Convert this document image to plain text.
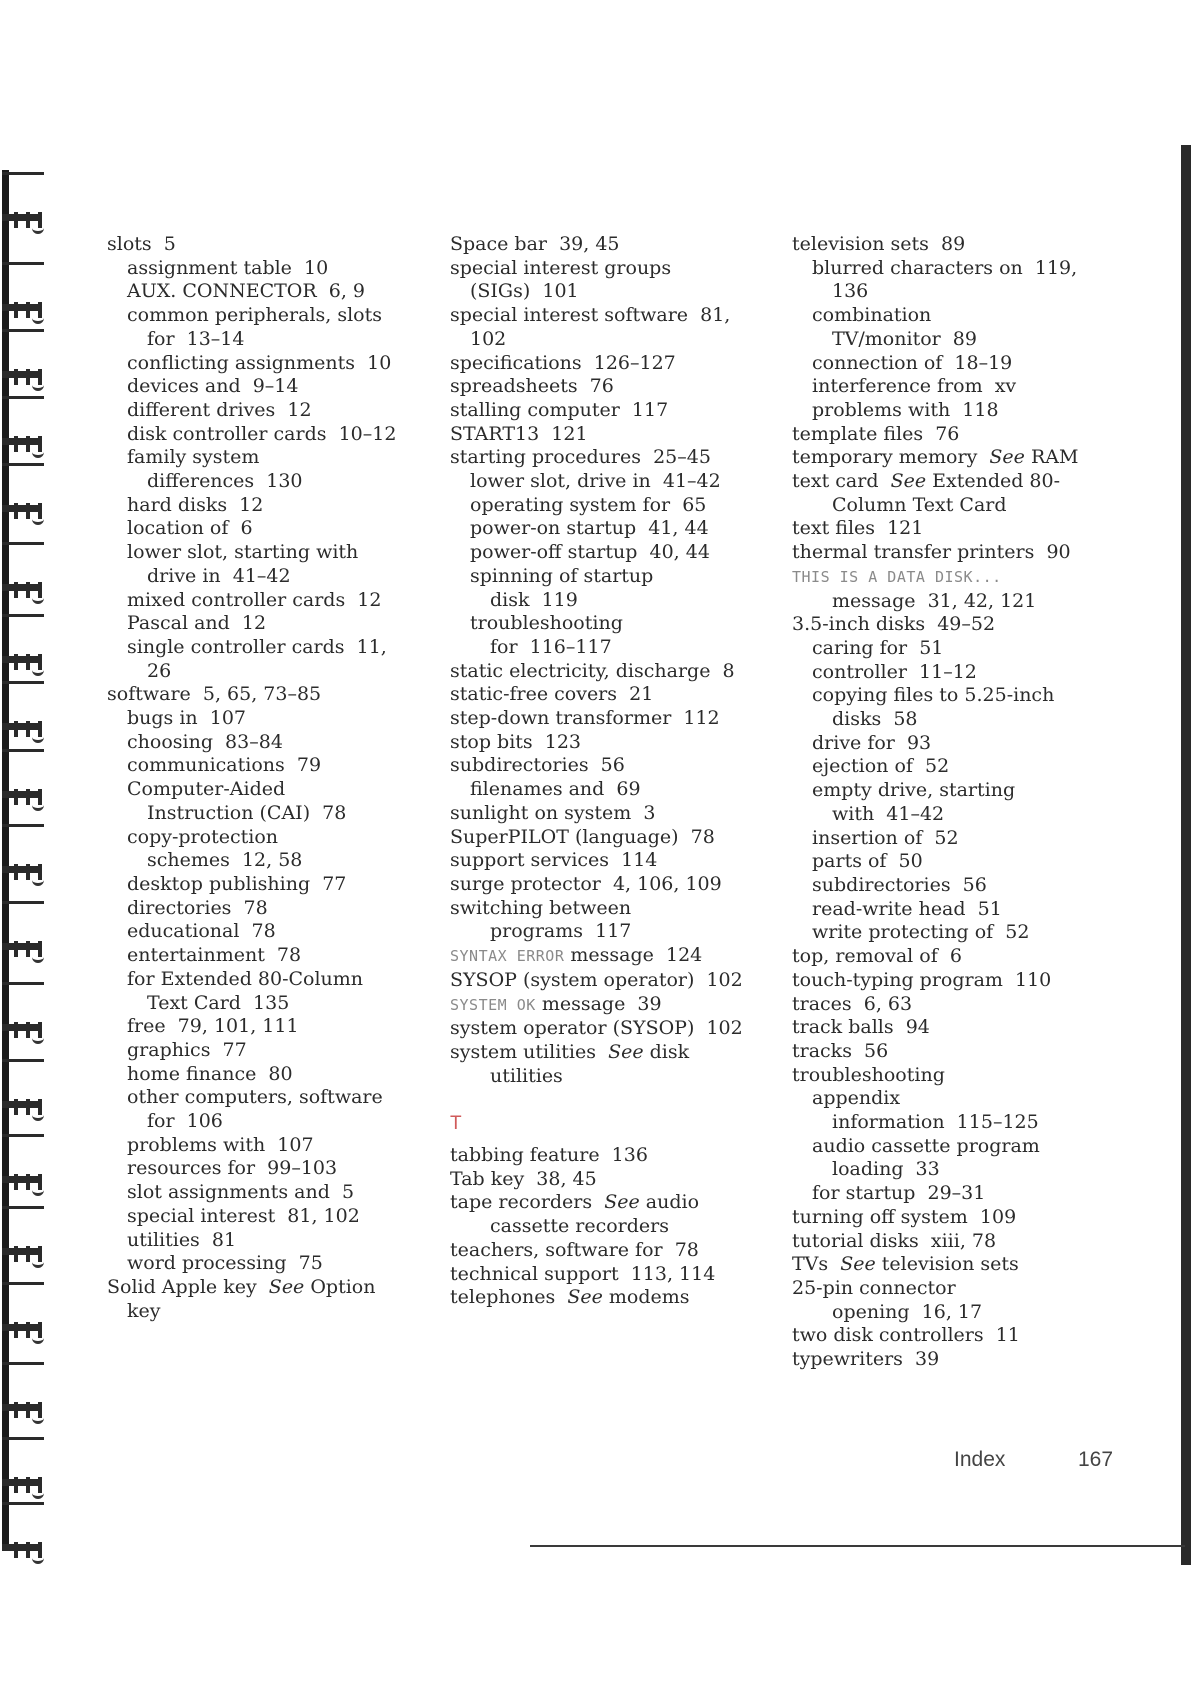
slots  5
assignment table  10
AUX. CONNECTOR  6, 9
common peripherals, slots
for  13–14
conflicting assignments  10
devices and  9–14
different drives  12
disk controller cards  10–12
family system
differences  130
hard disks  12
location of  6
lower slot, starting with
drive in  41–42
mixed controller cards  12
Pascal and  12
single controller cards  11,
26
software  5, 65, 73–85
bugs in  107
choosing  83–84
communications  79
Computer-Aided
Instruction (CAI)  78
copy-protection
schemes  12, 58
desktop publishing  77
directories  78
educational  78
entertainment  78
for Extended 80-Column
Text Card  135
free  79, 101, 111
graphics  77
home finance  80
other computers, software
for  106
problems with  107
resources for  99–103
slot assignments and  5
special interest  81, 102
utilities  81
word processing  75
Solid Apple key  See Option
key
Space bar  39, 45
special interest groups
(SIGs)  101
special interest software  81,
102
specifications  126–127
spreadsheets  76
stalling computer  117
START13  121
starting procedures  25–45
lower slot, drive in  41–42
operating system for  65
power-on startup  41, 44
power-off startup  40, 44
spinning of startup
disk  119
troubleshooting
for  116–117
static electricity, discharge  8
static-free covers  21
step-down transformer  112
stop bits  123
subdirectories  56
filenames and  69
sunlight on system  3
SuperPILOT (language)  78
support services  114
surge protector  4, 106, 109
switching between
programs  117
SYNTAX ERROR message  124
SYSOP (system operator)  102
SYSTEM OK message  39
system operator (SYSOP)  102
system utilities  See disk
utilities
T
tabbing feature  136
Tab key  38, 45
tape recorders  See audio
cassette recorders
teachers, software for  78
technical support  113, 114
telephones  See modems
television sets  89
blurred characters on  119,
136
combination
TV/monitor  89
connection of  18–19
interference from  xv
problems with  118
template files  76
temporary memory  See RAM
text card  See Extended 80-
Column Text Card
text files  121
thermal transfer printers  90
THIS IS A DATA DISK...
message  31, 42, 121
3.5-inch disks  49–52
caring for  51
controller  11–12
copying files to 5.25-inch
disks  58
drive for  93
ejection of  52
empty drive, starting
with  41–42
insertion of  52
parts of  50
subdirectories  56
read-write head  51
write protecting of  52
top, removal of  6
touch-typing program  110
traces  6, 63
track balls  94
tracks  56
troubleshooting
appendix
information  115–125
audio cassette program
loading  33
for startup  29–31
turning off system  109
tutorial disks  xiii, 78
TVs  See television sets
25-pin connector
opening  16, 17
two disk controllers  11
typewriters  39
Index	167
